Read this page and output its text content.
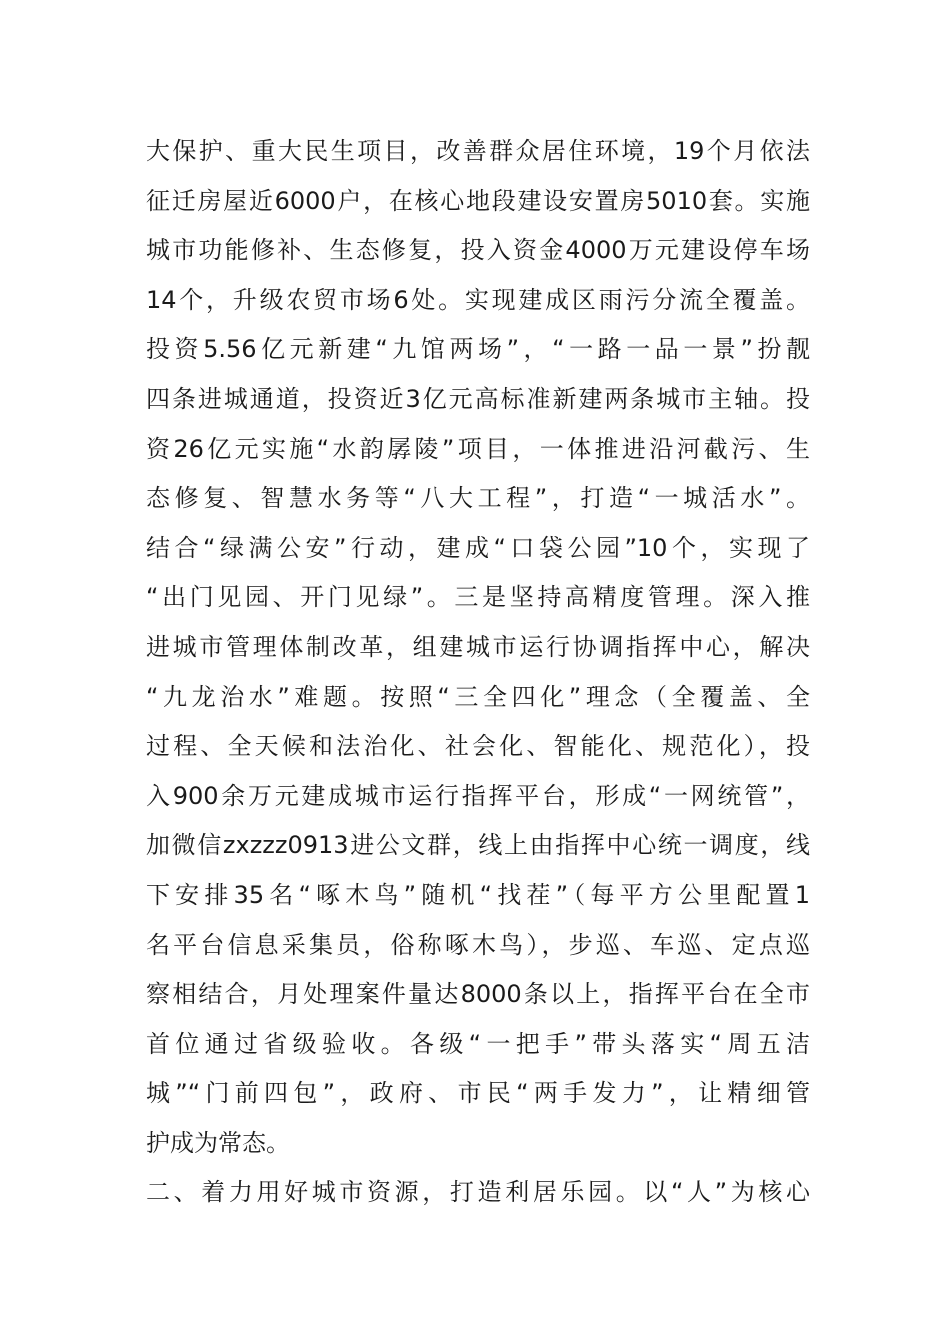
大保护、重大民生项目，改善群众居住环境，19个月依法
征迁房屋近6000户，在核心地段建设安置房5010套。实施
城市功能修补、生态修复，投入资金4000万元建设停车场
14个，升级农贸市场6处。实现建成区雨污分流全覆盖。
投资5.56亿元新建“九馆两场”，“一路一品一景”扮靓
四条进城通道，投资近3亿元高标准新建两条城市主轴。投
资26亿元实施“水韵孱陵”项目，一体推进沿河截污、生
态修复、智慧水务等“八大工程”，打造“一城活水”。
结合“绿满公安”行动，建成“口袋公园”10个，实现了
“出门见园、开门见绿”。三是坚持高精度管理。深入推
进城市管理体制改革，组建城市运行协调指挥中心，解决
“九龙治水”难题。按照“三全四化”理念（全覆盖、全
过程、全天候和法治化、社会化、智能化、规范化），投
入900余万元建成城市运行指挥平台，形成“一网统管”，
加微信zxzzz0913进公文群，线上由指挥中心统一调度，线
下安排35名“啄木鸟”随机“找茬”（每平方公里配置1
名平台信息采集员，俗称啄木鸟），步巡、车巡、定点巡
察相结合，月处理案件量达8000条以上，指挥平台在全市
首位通过省级验收。各级“一把手”带头落实“周五洁
城”“门前四包”，政府、市民“两手发力”，让精细管
护成为常态。
二、着力用好城市资源，打造利居乐园。以“人”为核心
